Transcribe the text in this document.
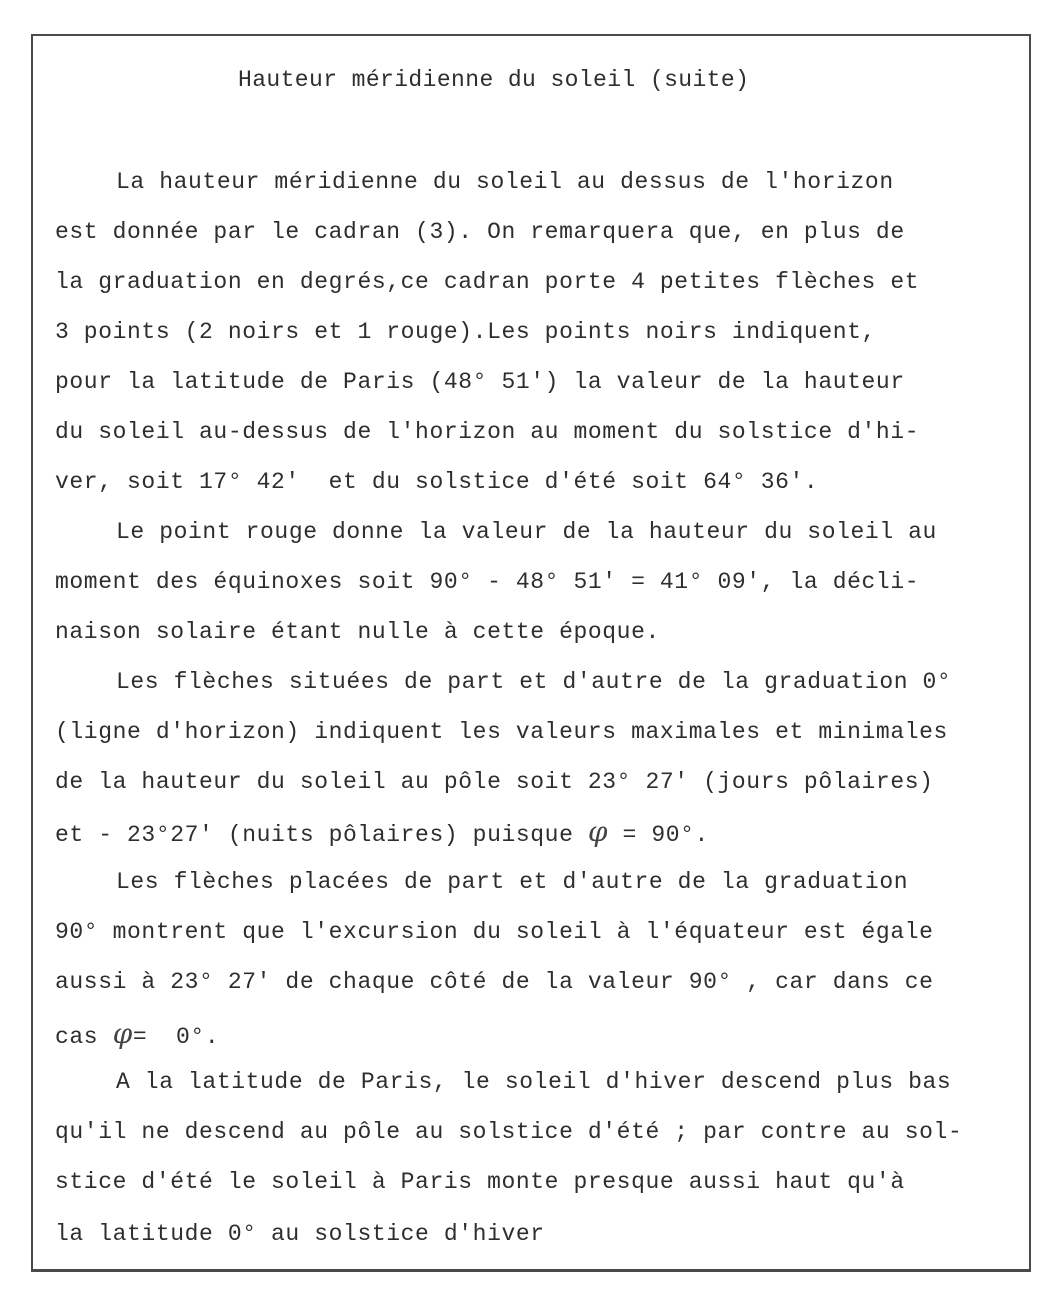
Hauteur méridienne du soleil (suite)
La hauteur méridienne du soleil au dessus de l'horizon
est donnée par le cadran (3). On remarquera que, en plus de
la graduation en degrés,ce cadran porte 4 petites flèches et
3 points (2 noirs et 1 rouge).Les points noirs indiquent,
pour la latitude de Paris (48° 51') la valeur de la hauteur
du soleil au-dessus de l'horizon au moment du solstice d'hi-
ver, soit 17° 42'  et du solstice d'été soit 64° 36'.
Le point rouge donne la valeur de la hauteur du soleil au
moment des équinoxes soit 90° - 48° 51' = 41° 09', la décli-
naison solaire étant nulle à cette époque.
Les flèches situées de part et d'autre de la graduation 0°
(ligne d'horizon) indiquent les valeurs maximales et minimales
de la hauteur du soleil au pôle soit 23° 27' (jours pôlaires)
et - 23°27' (nuits pôlaires) puisque φ = 90°.
Les flèches placées de part et d'autre de la graduation
90° montrent que l'excursion du soleil à l'équateur est égale
aussi à 23° 27' de chaque côté de la valeur 90° , car dans ce
cas φ=  0°.
A la latitude de Paris, le soleil d'hiver descend plus bas
qu'il ne descend au pôle au solstice d'été ; par contre au sol-
stice d'été le soleil à Paris monte presque aussi haut qu'à
la latitude 0° au solstice d'hiver
